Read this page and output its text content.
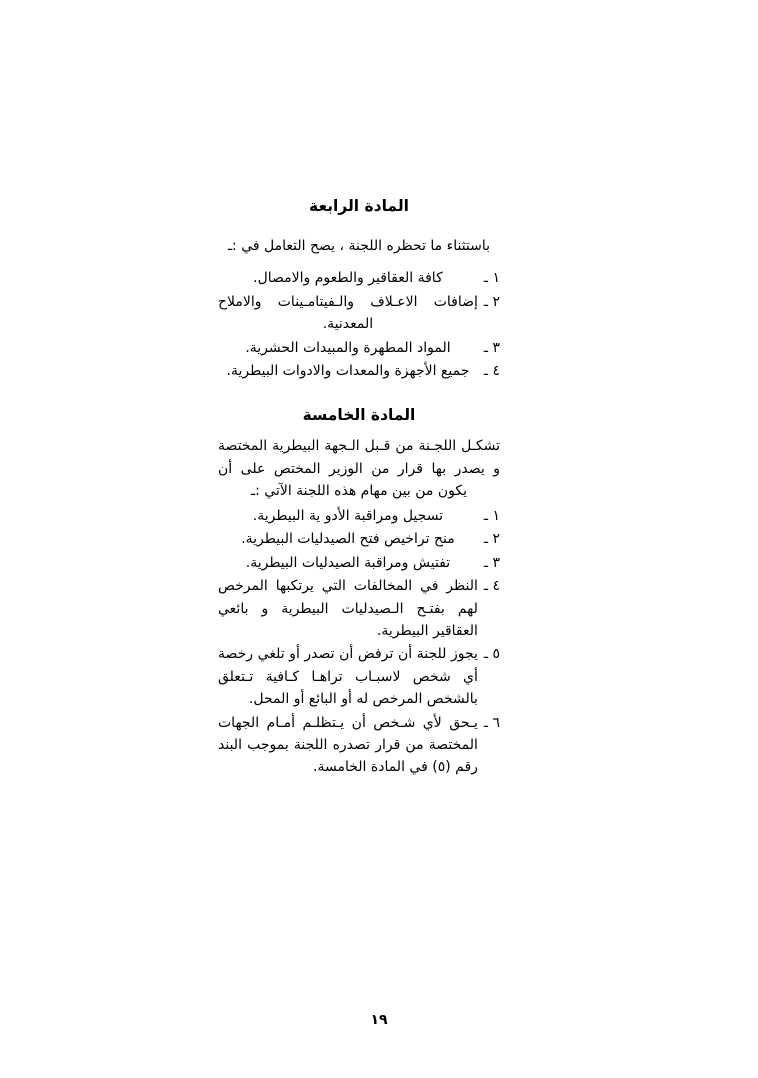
المادة الرابعة

باستثناء ما تحظره اللجنة ، يصح التعامل في :ـ

١ ـ
كافة العقاقير والطعوم والامصال.
٢ ـ
إضافات الاعـلاف والـفيتامـينات والاملاح المعدنية.
٣ ـ
المواد المطهرة والمبيدات الحشرية.
٤ ـ
جميع الأجهزة والمعدات والادوات البيطرية.
المادة الخامسة

تشكـل اللجـنة من قـبل الـجهة البيطرية المختصة و يصدر بها قرار من الوزير المختص على أن يكون من بين مهام هذه اللجنة الآتي :ـ

١ ـ
تسجيل ومراقبة الأدو ية البيطرية.
٢ ـ
منح تراخيص فتح الصيدليات البيطرية.
٣ ـ
تفتيش ومراقبة الصيدليات البيطرية.
٤ ـ
النظر في المخالفات التي يرتكبها المرخص لهم بفتـح الـصيدليات البيطرية و بائعي العقاقير البيطرية.
٥ ـ
يجوز للجنة أن ترفض أن تصدر أو تلغي رخصة أي شخص لاسبـاب تراهـا كـافية تـتعلق بالشخص المرخص له أو البائع أو المحل.
٦ ـ
يـحق لأي شـخص أن يـتظلـم أمـام الجهات المختصة من قرار تصدره اللجنة بموجب البند رقم (٥) في المادة الخامسة.
١٩
